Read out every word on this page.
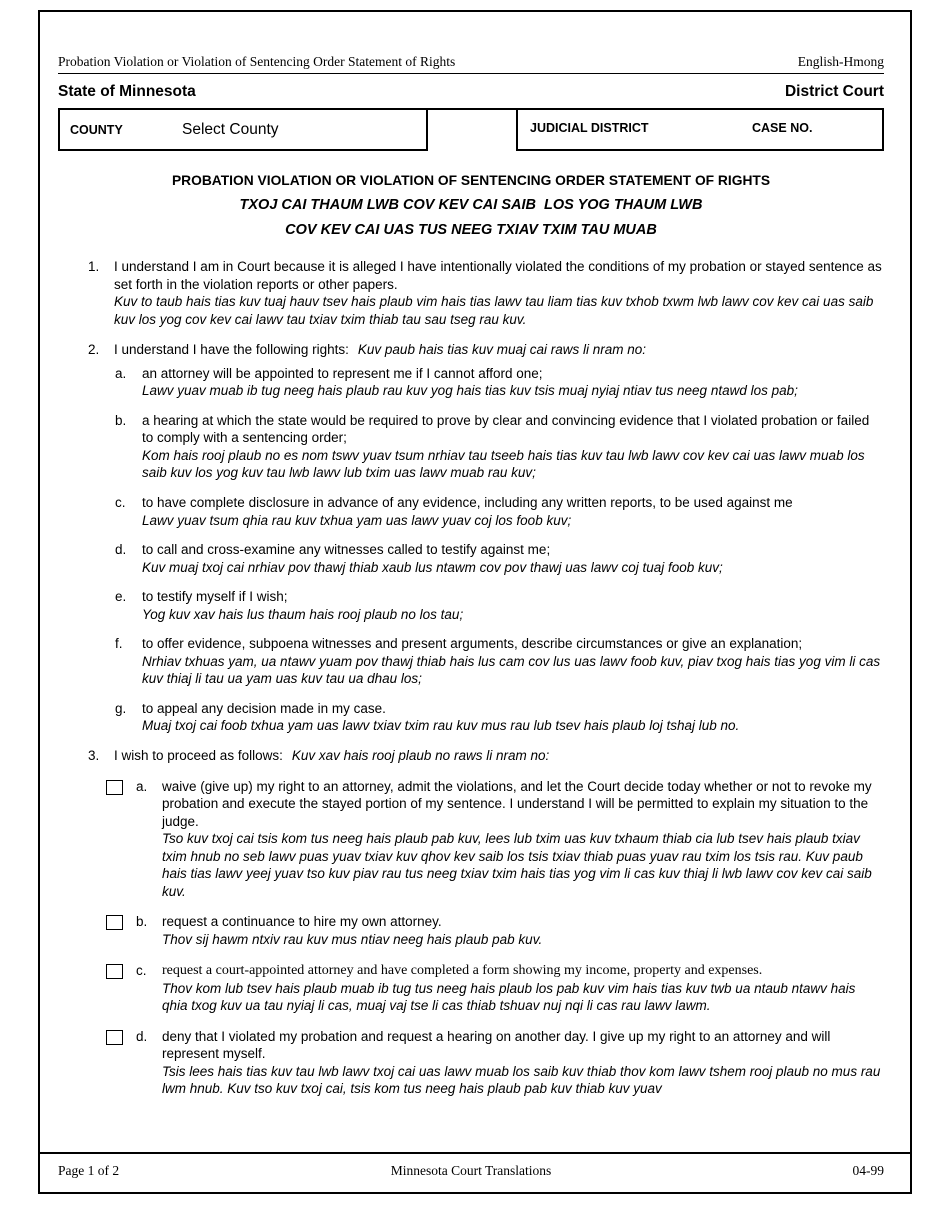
Probation Violation or Violation of Sentencing Order Statement of Rights	English-Hmong
State of Minnesota	District Court
COUNTY	Select County	JUDICIAL DISTRICT	CASE NO.
PROBATION VIOLATION OR VIOLATION OF SENTENCING ORDER STATEMENT OF RIGHTS
TXOJ CAI THAUM LWB COV KEV CAI SAIB  LOS YOG THAUM LWB
COV KEV CAI UAS TUS NEEG TXIAV TXIM TAU MUAB
1.	I understand I am in Court because it is alleged I have intentionally violated the conditions of my probation or stayed sentence as set forth in the violation reports or other papers.
Kuv to taub hais tias kuv tuaj hauv tsev hais plaub vim hais tias lawv tau liam tias kuv txhob txwm lwb lawv cov kev cai uas saib kuv los yog cov kev cai lawv tau txiav txim thiab tau sau tseg rau kuv.
2.	I understand I have the following rights: Kuv paub hais tias kuv muaj cai raws li nram no:
a.	an attorney will be appointed to represent me if I cannot afford one;
Lawv yuav muab ib tug neeg hais plaub rau kuv yog hais tias kuv tsis muaj nyiaj ntiav tus neeg ntawd los pab;
b.	a hearing at which the state would be required to prove by clear and convincing evidence that I violated probation or failed to comply with a sentencing order;
Kom hais rooj plaub no es nom tswv yuav tsum nrhiav tau tseeb hais tias kuv tau lwb lawv cov kev cai uas lawv muab los saib kuv los yog kuv tau lwb lawv lub txim uas lawv muab rau kuv;
c.	to have complete disclosure in advance of any evidence, including any written reports, to be used against me
Lawv yuav tsum qhia rau kuv txhua yam uas lawv yuav coj los foob kuv;
d.	to call and cross-examine any witnesses called to testify against me;
Kuv muaj txoj cai nrhiav pov thawj thiab xaub lus ntawm cov pov thawj uas lawv coj tuaj foob kuv;
e.	to testify myself if I wish;
Yog kuv xav hais lus thaum hais rooj plaub no los tau;
f.	to offer evidence, subpoena witnesses and present arguments, describe circumstances or give an explanation;
Nrhiav txhuas yam, ua ntawv yuam pov thawj thiab hais lus cam cov lus uas lawv foob kuv, piav txog hais tias yog vim li cas kuv thiaj li tau ua yam uas kuv tau ua dhau los;
g.	to appeal any decision made in my case.
Muaj txoj cai foob txhua yam uas lawv txiav txim rau kuv mus rau lub tsev hais plaub loj tshaj lub no.
3.	I wish to proceed as follows: Kuv xav hais rooj plaub no raws li nram no:
a.	waive (give up) my right to an attorney, admit the violations, and let the Court decide today whether or not to revoke my probation and execute the stayed portion of my sentence. I understand I will be permitted to explain my situation to the judge.
Tso kuv txoj cai tsis kom tus neeg hais plaub pab kuv, lees lub txim uas kuv txhaum thiab cia lub tsev hais plaub txiav txim hnub no seb lawv puas yuav txiav kuv qhov kev saib los tsis txiav thiab puas yuav rau txim los tsis rau. Kuv paub hais tias lawv yeej yuav tso kuv piav rau tus neeg txiav txim hais tias yog vim li cas kuv thiaj li lwb lawv cov kev cai saib kuv.
b.	request a continuance to hire my own attorney.
Thov sij hawm ntxiv rau kuv mus ntiav neeg hais plaub pab kuv.
c.	request a court-appointed attorney and have completed a form showing my income, property and expenses.
Thov kom lub tsev hais plaub muab ib tug tus neeg hais plaub los pab kuv vim hais tias kuv twb ua ntaub ntawv hais qhia txog kuv ua tau nyiaj li cas, muaj vaj tse li cas thiab tshuav nuj nqi li cas rau lawv lawm.
d.	deny that I violated my probation and request a hearing on another day. I give up my right to an attorney and will represent myself.
Tsis lees hais tias kuv tau lwb lawv txoj cai uas lawv muab los saib kuv thiab thov kom lawv tshem rooj plaub no mus rau lwm hnub. Kuv tso kuv txoj cai, tsis kom tus neeg hais plaub pab kuv thiab kuv yuav
Page 1 of 2	Minnesota Court Translations	04-99
